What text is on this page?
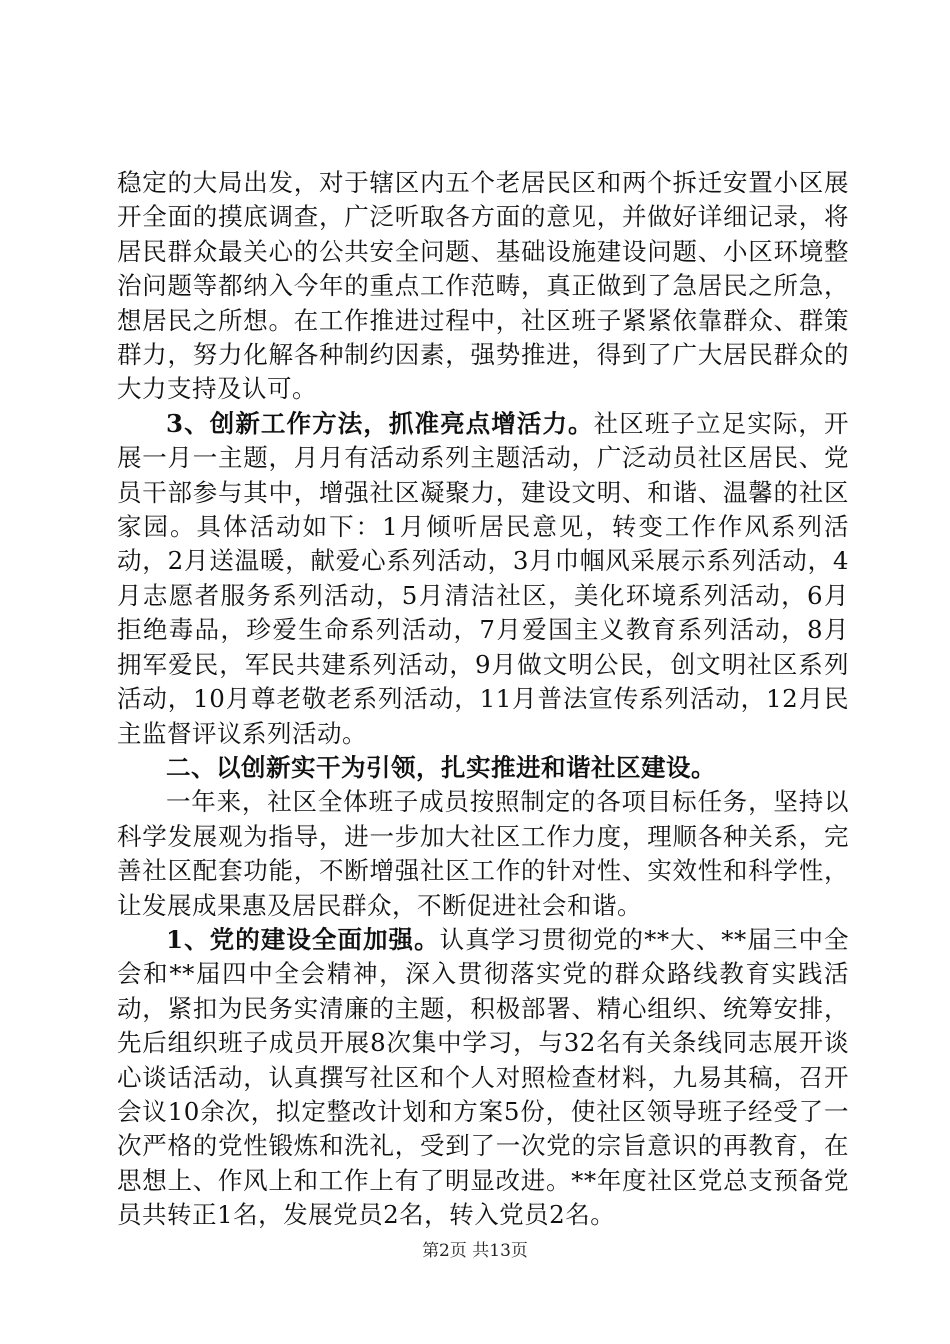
稳定的大局出发，对于辖区内五个老居民区和两个拆迁安置小区展开全面的摸底调查，广泛听取各方面的意见，并做好详细记录，将居民群众最关心的公共安全问题、基础设施建设问题、小区环境整治问题等都纳入今年的重点工作范畴，真正做到了急居民之所急，想居民之所想。在工作推进过程中，社区班子紧紧依靠群众、群策群力，努力化解各种制约因素，强势推进，得到了广大居民群众的大力支持及认可。

3、创新工作方法，抓准亮点增活力。社区班子立足实际，开展一月一主题，月月有活动系列主题活动，广泛动员社区居民、党员干部参与其中，增强社区凝聚力，建设文明、和谐、温馨的社区家园。具体活动如下：1月倾听居民意见，转变工作作风系列活动，2月送温暖，献爱心系列活动，3月巾帼风采展示系列活动，4月志愿者服务系列活动，5月清洁社区，美化环境系列活动，6月拒绝毒品，珍爱生命系列活动，7月爱国主义教育系列活动，8月拥军爱民，军民共建系列活动，9月做文明公民，创文明社区系列活动，10月尊老敬老系列活动，11月普法宣传系列活动，12月民主监督评议系列活动。

二、以创新实干为引领，扎实推进和谐社区建设。

一年来，社区全体班子成员按照制定的各项目标任务，坚持以科学发展观为指导，进一步加大社区工作力度，理顺各种关系，完善社区配套功能，不断增强社区工作的针对性、实效性和科学性，让发展成果惠及居民群众，不断促进社会和谐。

1、党的建设全面加强。认真学习贯彻党的**大、**届三中全会和**届四中全会精神，深入贯彻落实党的群众路线教育实践活动，紧扣为民务实清廉的主题，积极部署、精心组织、统筹安排，先后组织班子成员开展8次集中学习，与32名有关条线同志展开谈心谈话活动，认真撰写社区和个人对照检查材料，九易其稿，召开会议10余次，拟定整改计划和方案5份，使社区领导班子经受了一次严格的党性锻炼和洗礼，受到了一次党的宗旨意识的再教育，在思想上、作风上和工作上有了明显改进。**年度社区党总支预备党员共转正1名，发展党员2名，转入党员2名。

第2页 共13页
